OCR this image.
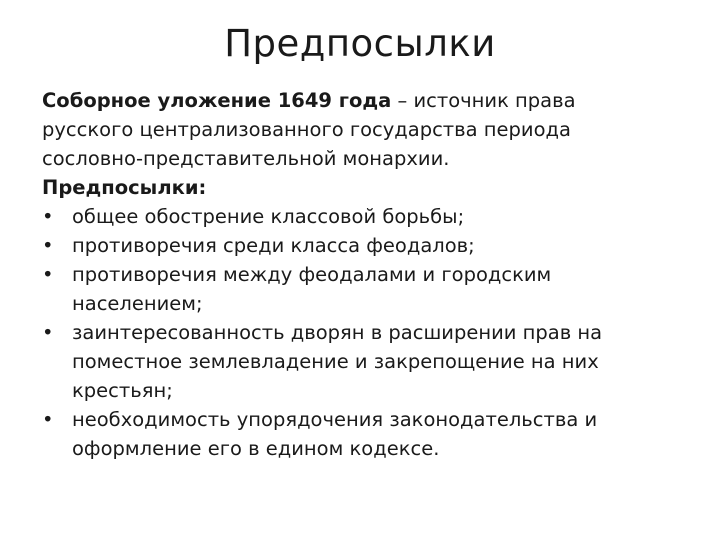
Предпосылки

Соборное уложение 1649 года – источник права русского централизованного государства периода сословно-представительной монархии.

Предпосылки:

• общее обострение классовой борьбы;
• противоречия среди класса феодалов;
• противоречия между феодалами и городским населением;
• заинтересованность дворян в расширении прав на поместное землевладение и закрепощение на них крестьян;
• необходимость упорядочения законодательства и оформление его в едином кодексе.
